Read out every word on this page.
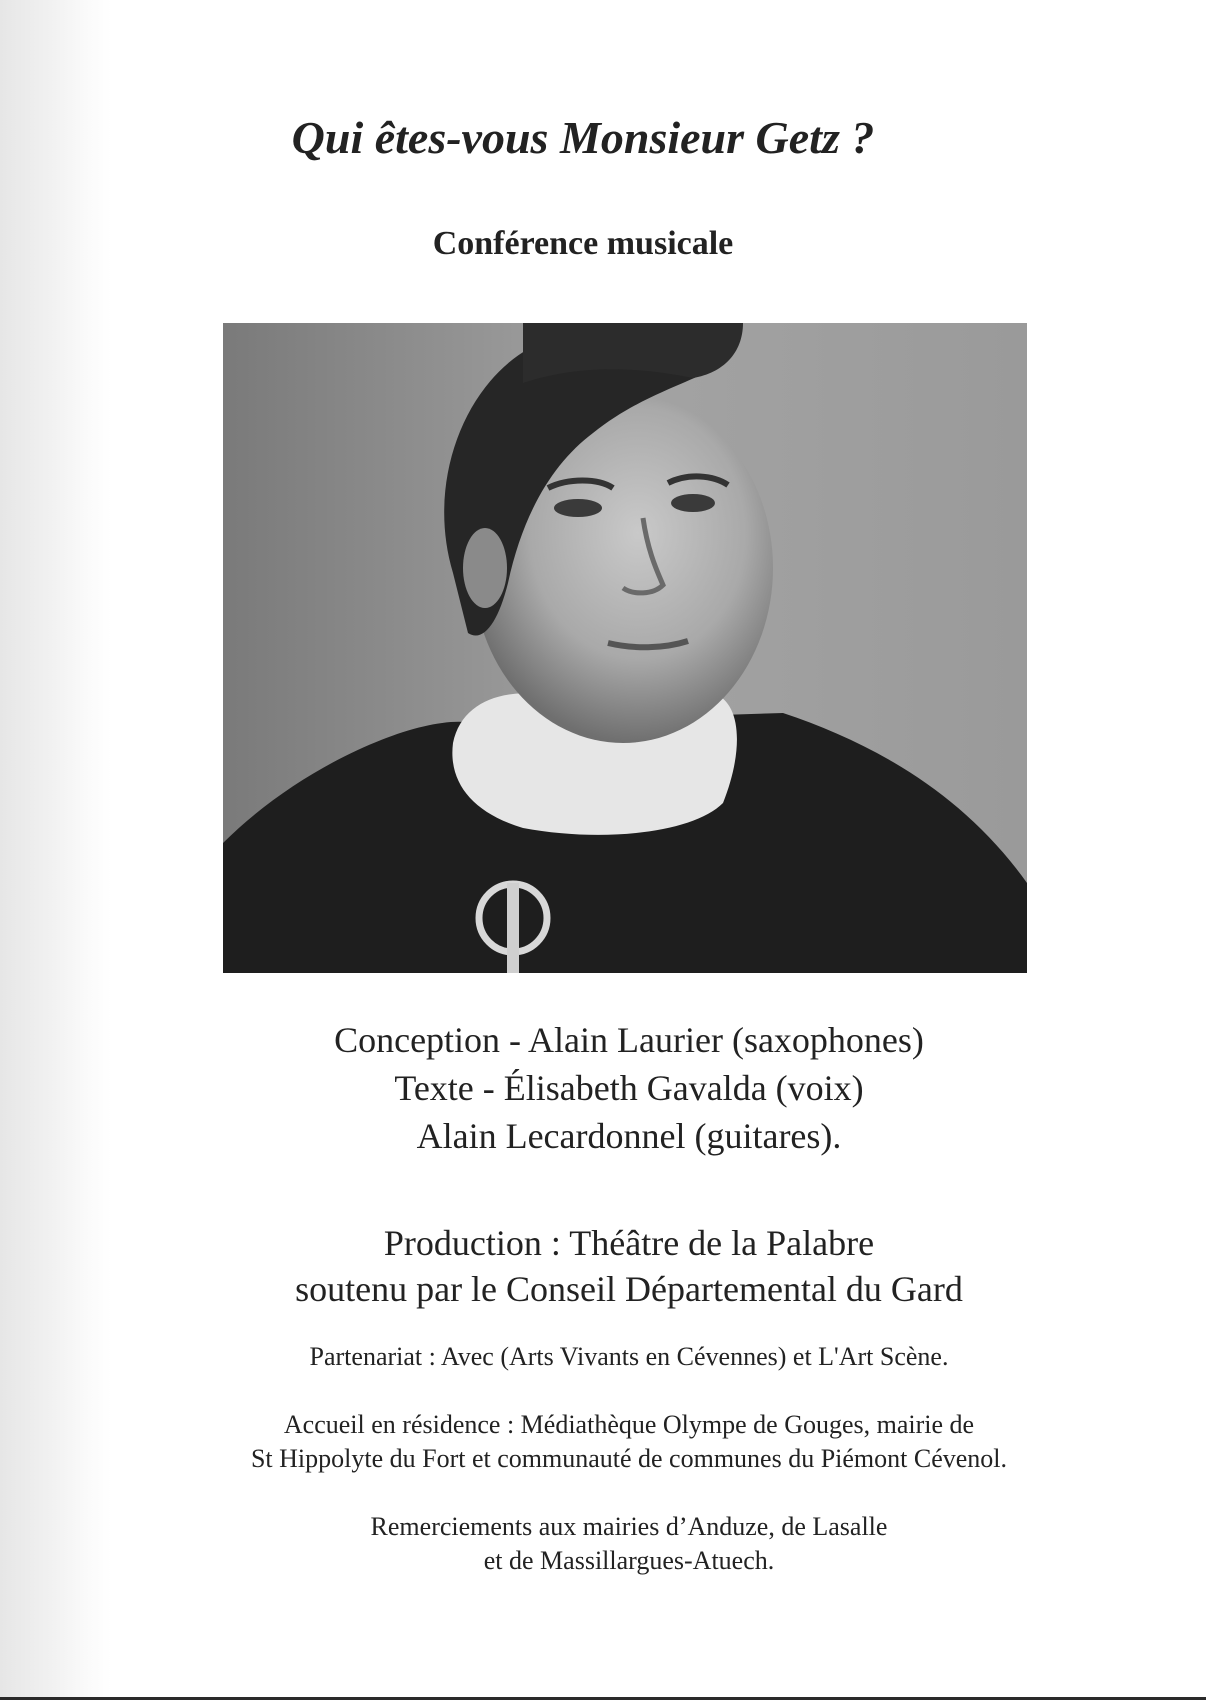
Qui êtes-vous Monsieur Getz ?
Conférence musicale
Conception - Alain Laurier (saxophones)
Texte - Élisabeth Gavalda (voix)
Alain Lecardonnel (guitares).
Production : Théâtre de la Palabre
soutenu par le Conseil Départemental du Gard
Partenariat : Avec (Arts Vivants en Cévennes) et L'Art Scène.
Accueil en résidence : Médiathèque Olympe de Gouges, mairie de
St Hippolyte du Fort et communauté de communes du Piémont Cévenol.
Remerciements aux mairies d’Anduze, de Lasalle
et de Massillargues-Atuech.
